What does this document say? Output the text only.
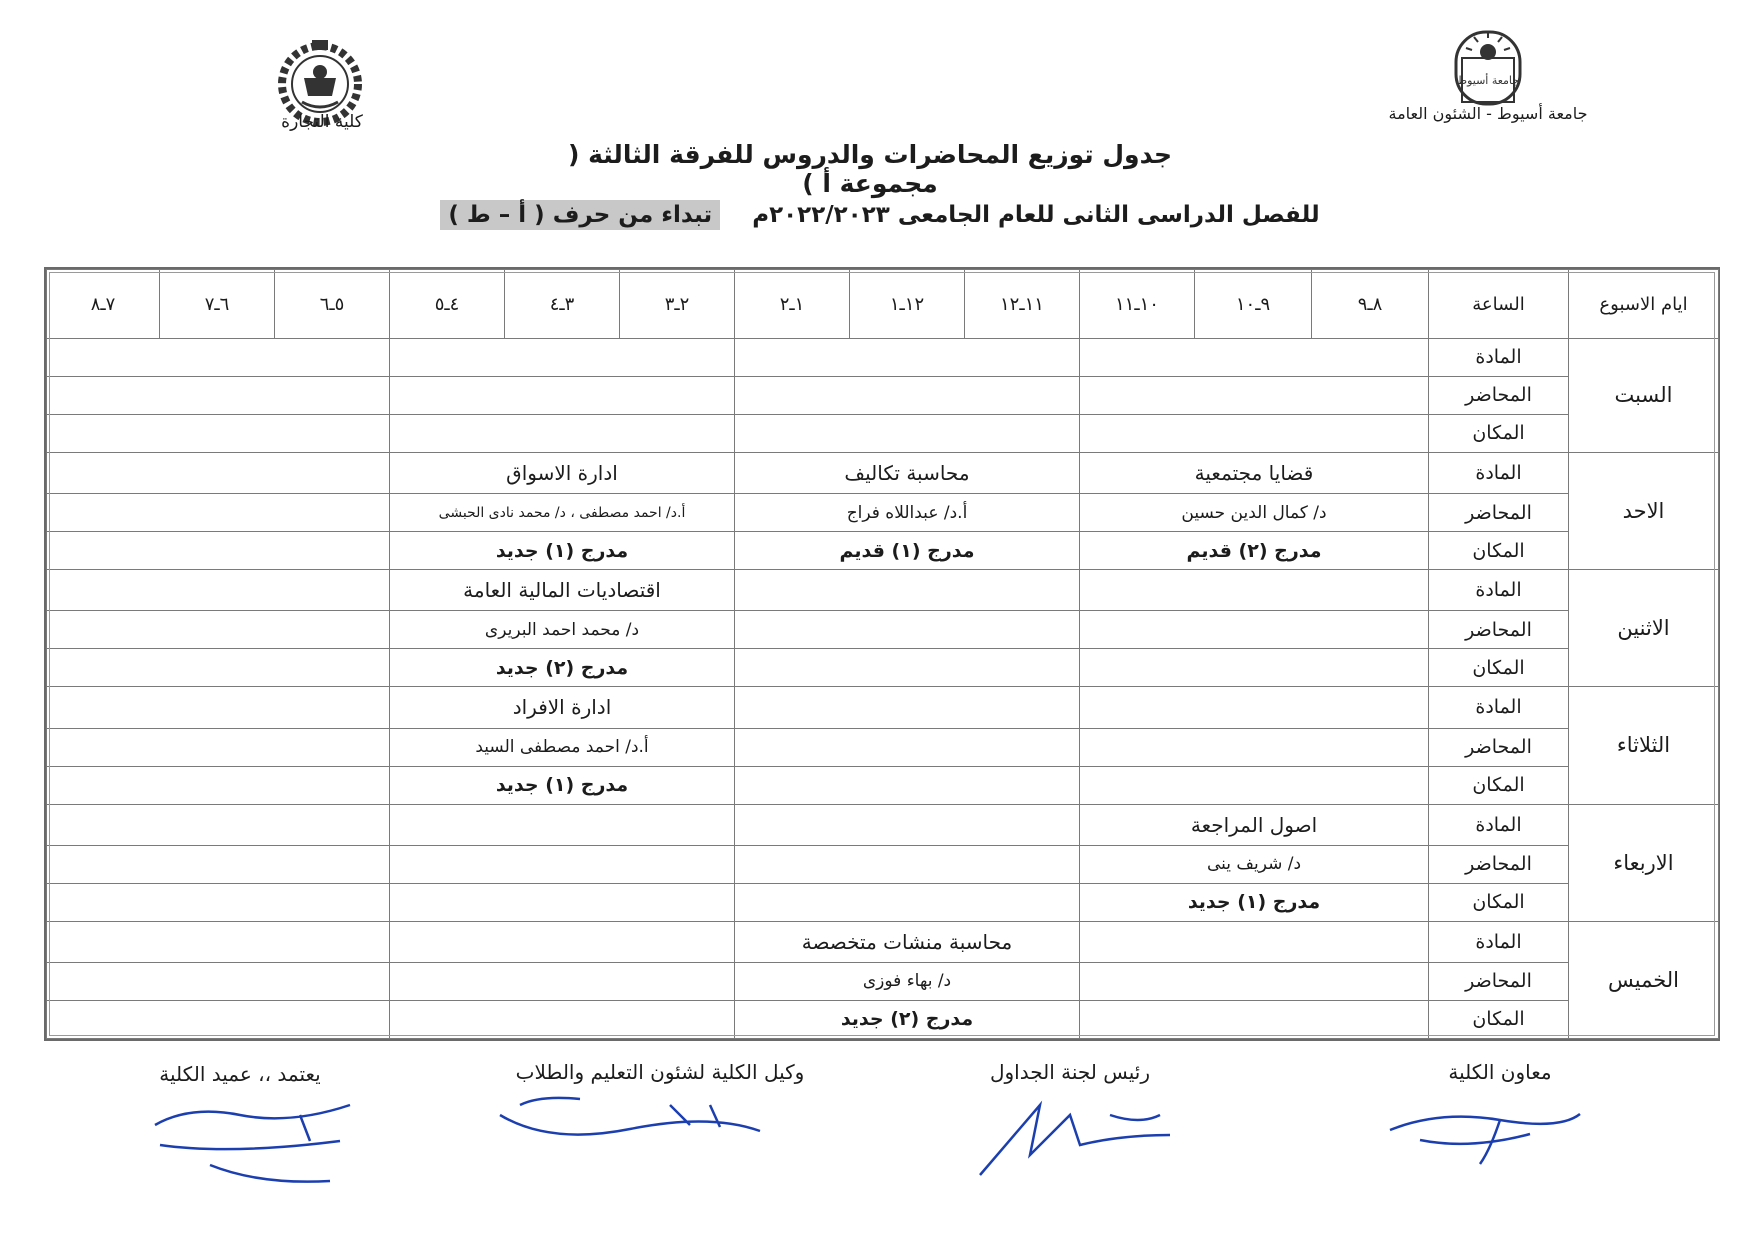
كلية التجارة
جامعة أسيوط
جامعة أسيوط - الشئون العامة
جدول توزيع المحاضرات والدروس للفرقة الثالثة ( مجموعة أ )
للفصل الدراسى الثانى للعام الجامعى ٢٠٢٢/٢٠٢٣م    تبداء من حرف ( أ – ط )
ايام الاسبوع	الساعة	٨ـ٩	٩ـ١٠	١٠ـ١١	١١ـ١٢	١٢ـ١	١ـ٢	٢ـ٣	٣ـ٤	٤ـ٥	٥ـ٦	٦ـ٧	٧ـ٨
السبت	المادة												
	المحاضر												
	المكان												
الاحد	المادة	قضايا مجتمعية			محاسبة تكاليف			ادارة الاسواق					
	المحاضر	د/ كمال الدين حسين			أ.د/ عبداللاه فراج			أ.د/ احمد مصطفى ، د/ محمد نادى الحبشى					
	المكان	مدرج (٢) قديم			مدرج (١) قديم			مدرج (١) جديد					
الاثنين	المادة							اقتصاديات المالية العامة					
	المحاضر							د/ محمد احمد البريرى					
	المكان							مدرج (٢) جديد					
الثلاثاء	المادة							ادارة الافراد					
	المحاضر							أ.د/ احمد مصطفى السيد					
	المكان							مدرج (١) جديد					
الاربعاء	المادة	اصول المراجعة											
	المحاضر	د/ شريف ينى											
	المكان	مدرج (١) جديد											
الخميس	المادة				محاسبة منشات متخصصة								
	المحاضر				د/ بهاء فوزى								
	المكان				مدرج (٢) جديد								
معاون الكلية
رئيس لجنة الجداول
وكيل الكلية لشئون التعليم والطلاب
يعتمد ،، عميد الكلية
